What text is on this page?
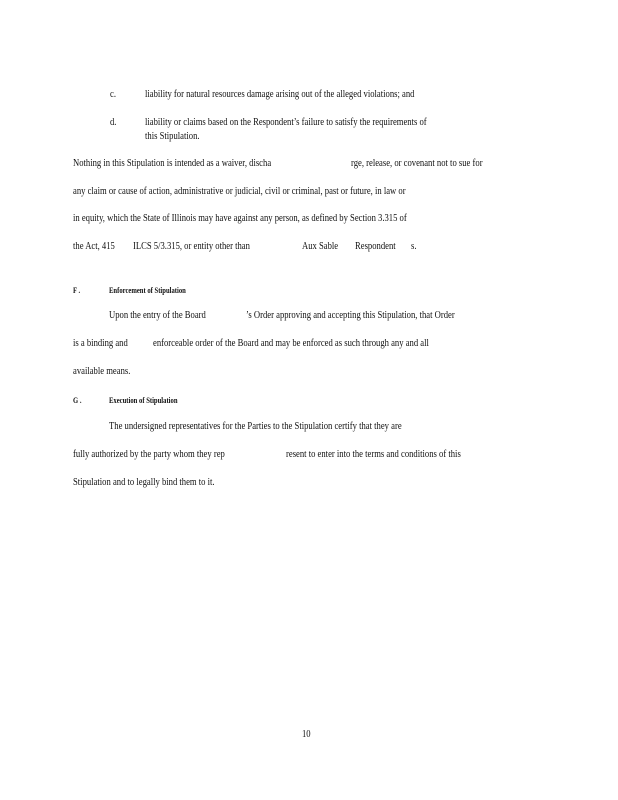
c.	liability for natural resources damage arising out of the alleged violations; and
d.	liability or claims based on the Respondent’s failure to satisfy the requirements of
this Stipulation.
Nothing in this Stipulation is intended as a waiver, discha	rge, release, or covenant not to sue for
any claim or cause of action, administrative or judicial, civil or criminal, past or future, in law or
in equity, which the State of Illinois may have against any person, as defined by Section 3.315 of
the Act, 415 ILCS 5/3.315, or entity other than	Aux Sable Respondent s.
F .	Enforcement of Stipulation
Upon the entry of the Board	’s Order approving and accepting this Stipulation, that Order
is a binding and enforceable order of the Board and may be enforced as such through any and all
available means.
G .	Execution of Stipulation
The undersigned representatives for the Parties to the Stipulation certify that they are
fully authorized by the party whom they rep	resent to enter into the terms and conditions of this
Stipulation and to legally bind them to it.
10
